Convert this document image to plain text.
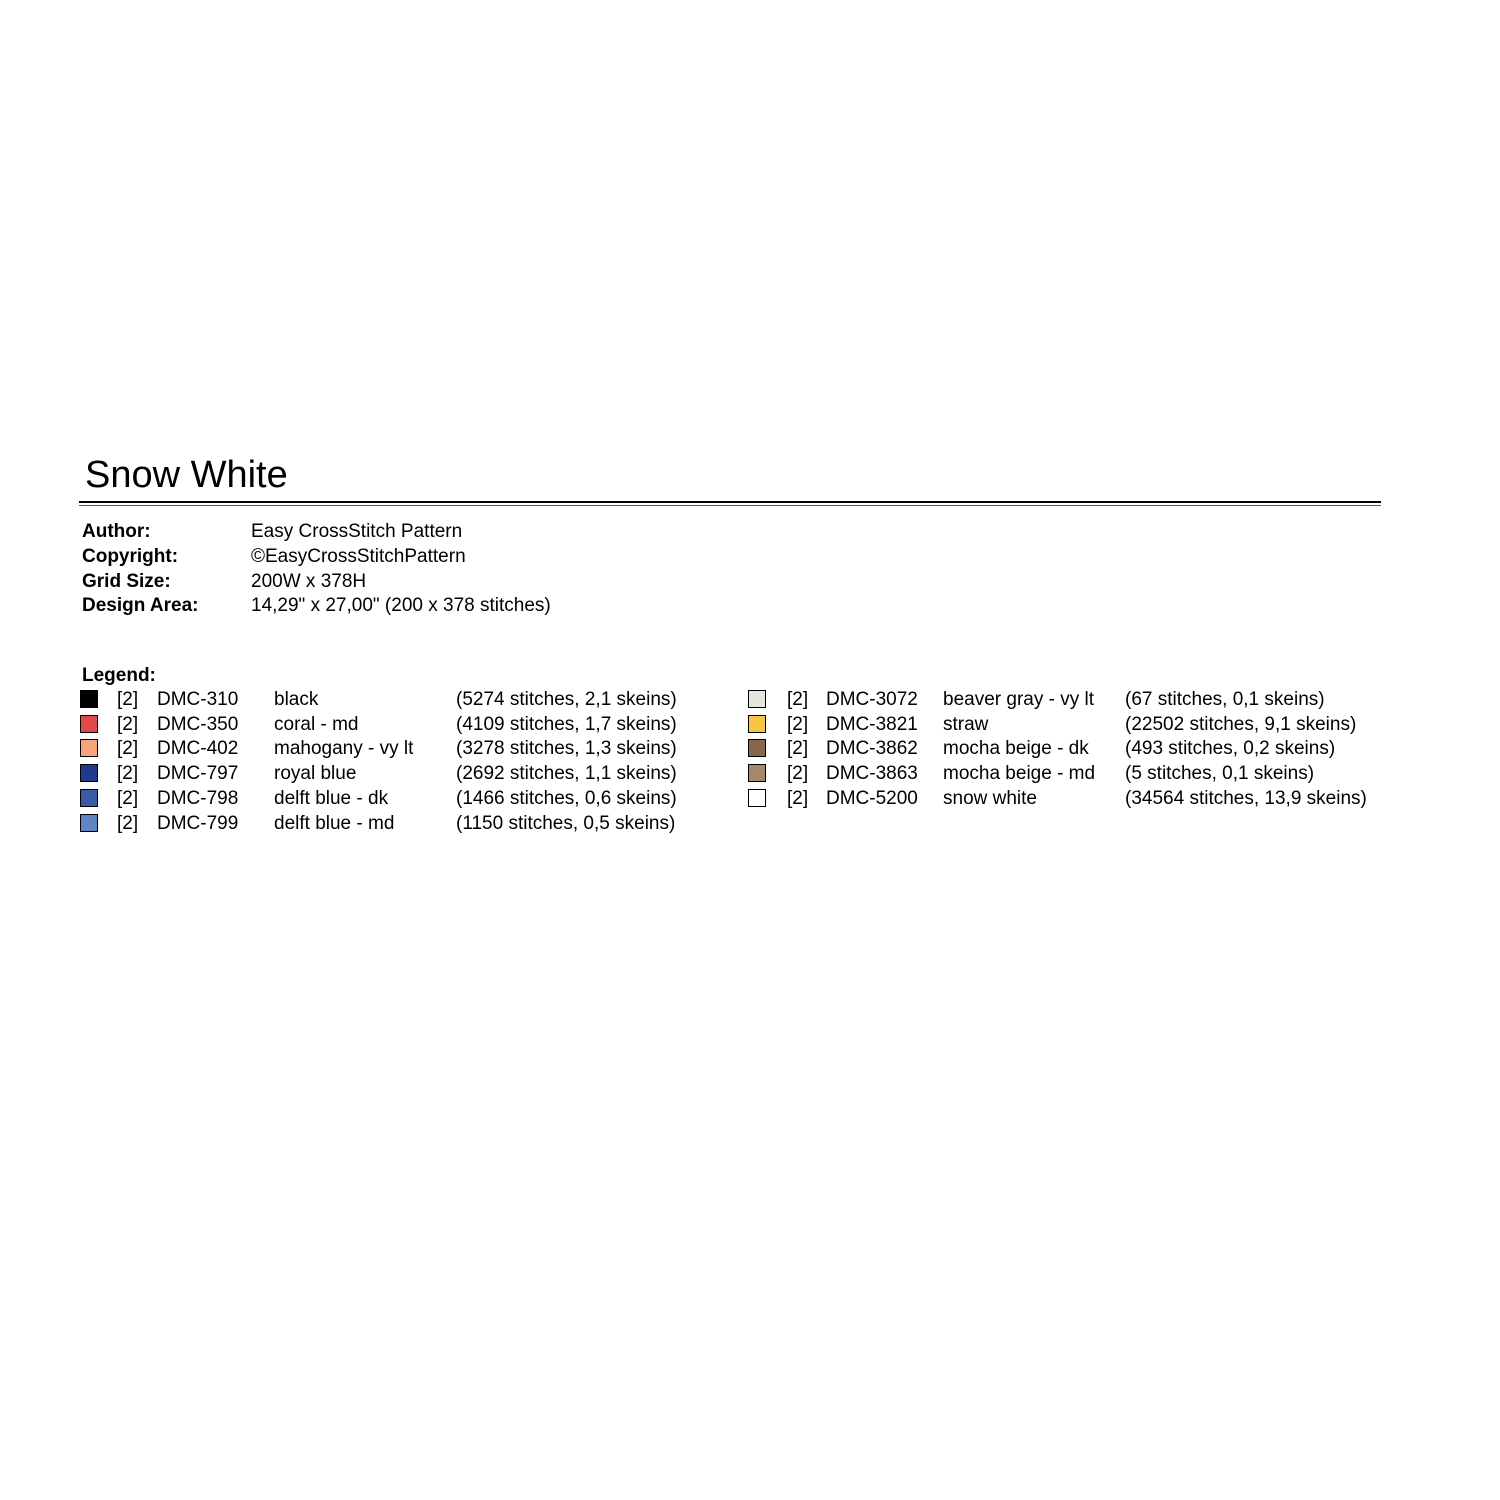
Snow White
Author:	Easy CrossStitch Pattern
Copyright:	©EasyCrossStitchPattern
Grid Size:	200W x 378H
Design Area:	14,29" x 27,00" (200 x 378 stitches)
Legend:
[2] DMC-310 black	(5274 stitches, 2,1 skeins)
[2] DMC-350 coral - md	(4109 stitches, 1,7 skeins)
[2] DMC-402 mahogany - vy lt (3278 stitches, 1,3 skeins)
[2] DMC-797 royal blue	(2692 stitches, 1,1 skeins)
[2] DMC-798 delft blue - dk	(1466 stitches, 0,6 skeins)
[2] DMC-799 delft blue - md	(1150 stitches, 0,5 skeins)
[2] DMC-3072 beaver gray - vy lt (67 stitches, 0,1 skeins)
[2] DMC-3821 straw	(22502 stitches, 9,1 skeins)
[2] DMC-3862 mocha beige - dk (493 stitches, 0,2 skeins)
[2] DMC-3863 mocha beige - md (5 stitches, 0,1 skeins)
[2] DMC-5200 snow white	(34564 stitches, 13,9 skeins)
